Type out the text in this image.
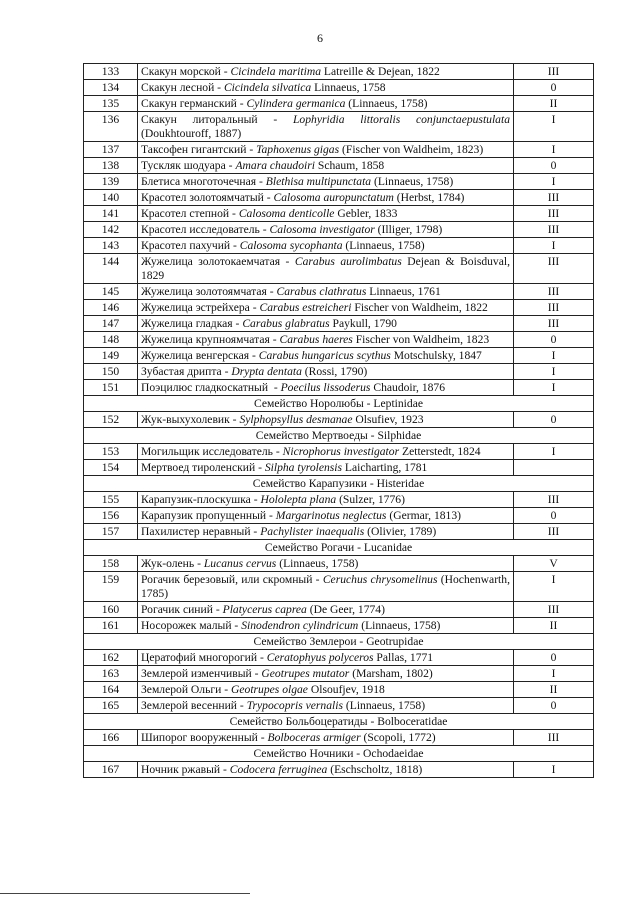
6
133	Скакун морской - Cicindela maritima Latreille & Dejean, 1822	III
134	Скакун лесной - Cicindela silvatica Linnaeus, 1758	0
135	Скакун германский - Cylindera germanica (Linnaeus, 1758)	II
136	Скакун литоральный - Lophyridia littoralis conjunctaepustulata (Doukhtouroff, 1887)	I
137	Таксофен гигантский - Taphoxenus gigas (Fischer von Waldheim, 1823)	I
138	Тускляк шодуара - Amara chaudoiri Schaum, 1858	0
139	Блетиса многоточечная - Blethisa multipunctata (Linnaeus, 1758)	I
140	Красотел золотоямчатый - Calosoma auropunctatum (Herbst, 1784)	III
141	Красотел степной - Calosoma denticolle Gebler, 1833	III
142	Красотел исследователь - Calosoma investigator (Illiger, 1798)	III
143	Красотел пахучий - Calosoma sycophanta (Linnaeus, 1758)	I
144	Жужелица золотокаемчатая - Carabus aurolimbatus Dejean & Boisduval, 1829	III
145	Жужелица золотоямчатая - Carabus clathratus Linnaeus, 1761	III
146	Жужелица эстрейхера - Carabus estreicheri Fischer von Waldheim, 1822	III
147	Жужелица гладкая - Carabus glabratus Paykull, 1790	III
148	Жужелица крупноямчатая - Carabus haeres Fischer von Waldheim, 1823	0
149	Жужелица венгерская - Carabus hungaricus scythus Motschulsky, 1847	I
150	Зубастая дрипта - Drypta dentata (Rossi, 1790)	I
151	Поэцилюс гладкоскатный  - Poecilus lissoderus Chaudoir, 1876	I
Семейство Норолюбы - Leptinidae		
152	Жук-выхухолевик - Sylphopsyllus desmanae Olsufiev, 1923	0
Семейство Мертвоеды - Silphidae		
153	Могильщик исследователь - Nicrophorus investigator Zetterstedt, 1824	I
154	Мертвоед тироленский - Silpha tyrolensis Laicharting, 1781	
Семейство Карапузики - Histeridae		
155	Карапузик-плоскушка - Hololepta plana (Sulzer, 1776)	III
156	Карапузик пропущенный - Margarinotus neglectus (Germar, 1813)	0
157	Пахилистер неравный - Pachylister inaequalis (Olivier, 1789)	III
Семейство Рогачи - Lucanidae		
158	Жук-олень - Lucanus cervus (Linnaeus, 1758)	V
159	Рогачик березовый, или скромный - Ceruchus chrysomelinus (Hochenwarth, 1785)	I
160	Рогачик синий - Platycerus caprea (De Geer, 1774)	III
161	Носорожек малый - Sinodendron cylindricum (Linnaeus, 1758)	II
Семейство Землерои - Geotrupidae		
162	Цератофий многорогий - Ceratophyus polyceros Pallas, 1771	0
163	Землерой изменчивый - Geotrupes mutator (Marsham, 1802)	I
164	Землерой Ольги - Geotrupes olgae Olsoufjev, 1918	II
165	Землерой весенний - Trypocopris vernalis (Linnaeus, 1758)	0
Семейство Больбоцератиды - Bolboceratidae		
166	Шипорог вооруженный - Bolboceras armiger (Scopoli, 1772)	III
Семейство Ночники - Ochodaeidae		
167	Ночник ржавый - Codocera ferruginea (Eschscholtz, 1818)	I
